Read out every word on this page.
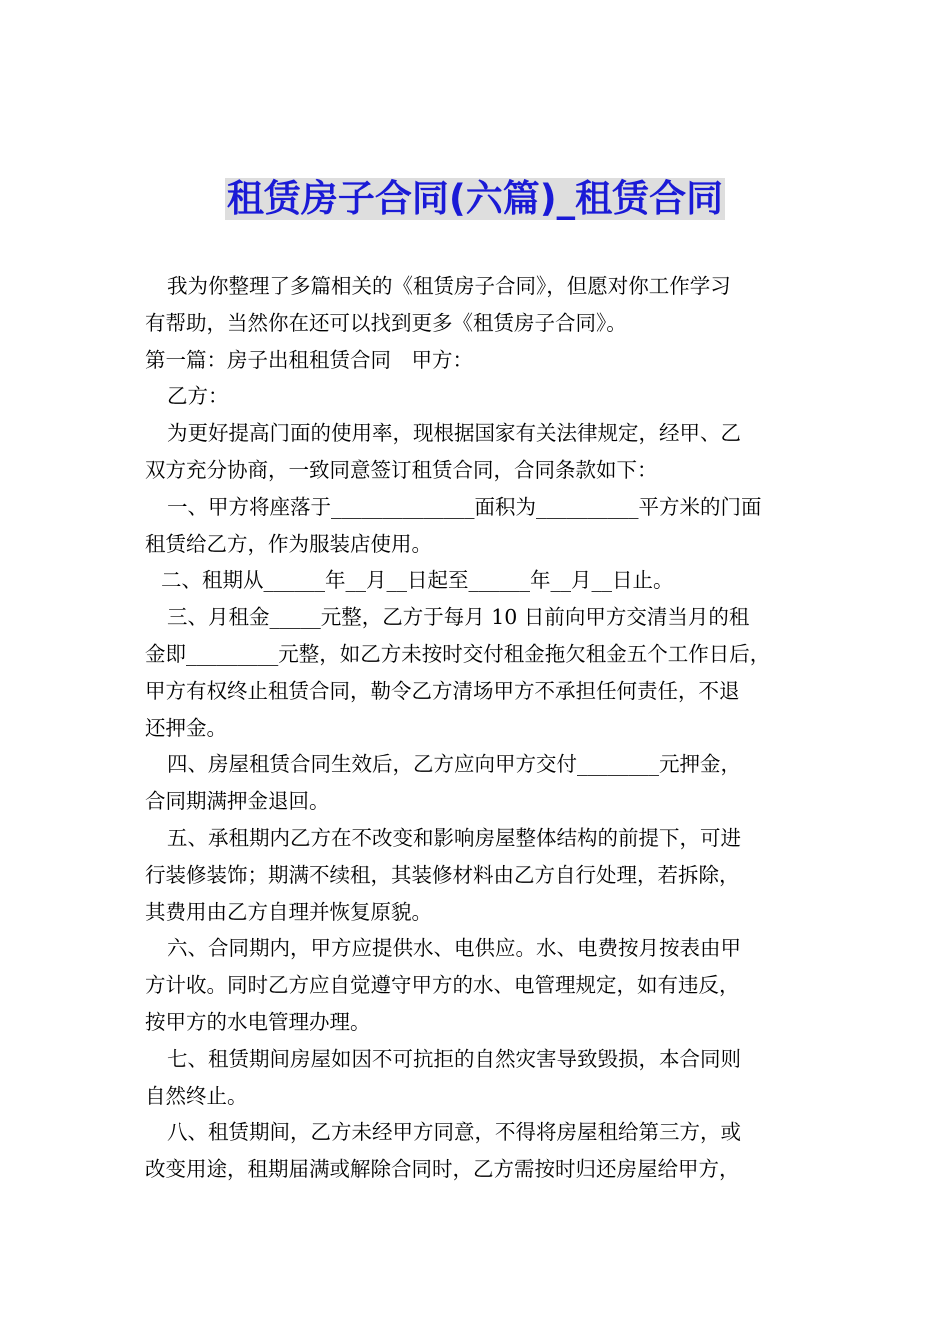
租赁房子合同(六篇)_租赁合同
我为你整理了多篇相关的《租赁房子合同》，但愿对你工作学习
有帮助，当然你在还可以找到更多《租赁房子合同》。
第一篇：房子出租租赁合同　甲方：
乙方：
为更好提高门面的使用率，现根据国家有关法律规定，经甲、乙
双方充分协商，一致同意签订租赁合同，合同条款如下：
一、甲方将座落于______________面积为__________平方米的门面
租赁给乙方，作为服装店使用。
二、租期从______年__月__日起至______年__月__日止。
三、月租金_____元整，乙方于每月 10 日前向甲方交清当月的租
金即_________元整，如乙方未按时交付租金拖欠租金五个工作日后，
甲方有权终止租赁合同，勒令乙方清场甲方不承担任何责任，不退
还押金。
四、房屋租赁合同生效后，乙方应向甲方交付________元押金，
合同期满押金退回。
五、承租期内乙方在不改变和影响房屋整体结构的前提下，可进
行装修装饰；期满不续租，其装修材料由乙方自行处理，若拆除，
其费用由乙方自理并恢复原貌。
六、合同期内，甲方应提供水、电供应。水、电费按月按表由甲
方计收。同时乙方应自觉遵守甲方的水、电管理规定，如有违反，
按甲方的水电管理办理。
七、租赁期间房屋如因不可抗拒的自然灾害导致毁损，本合同则
自然终止。
八、租赁期间，乙方未经甲方同意，不得将房屋租给第三方，或
改变用途，租期届满或解除合同时，乙方需按时归还房屋给甲方，
